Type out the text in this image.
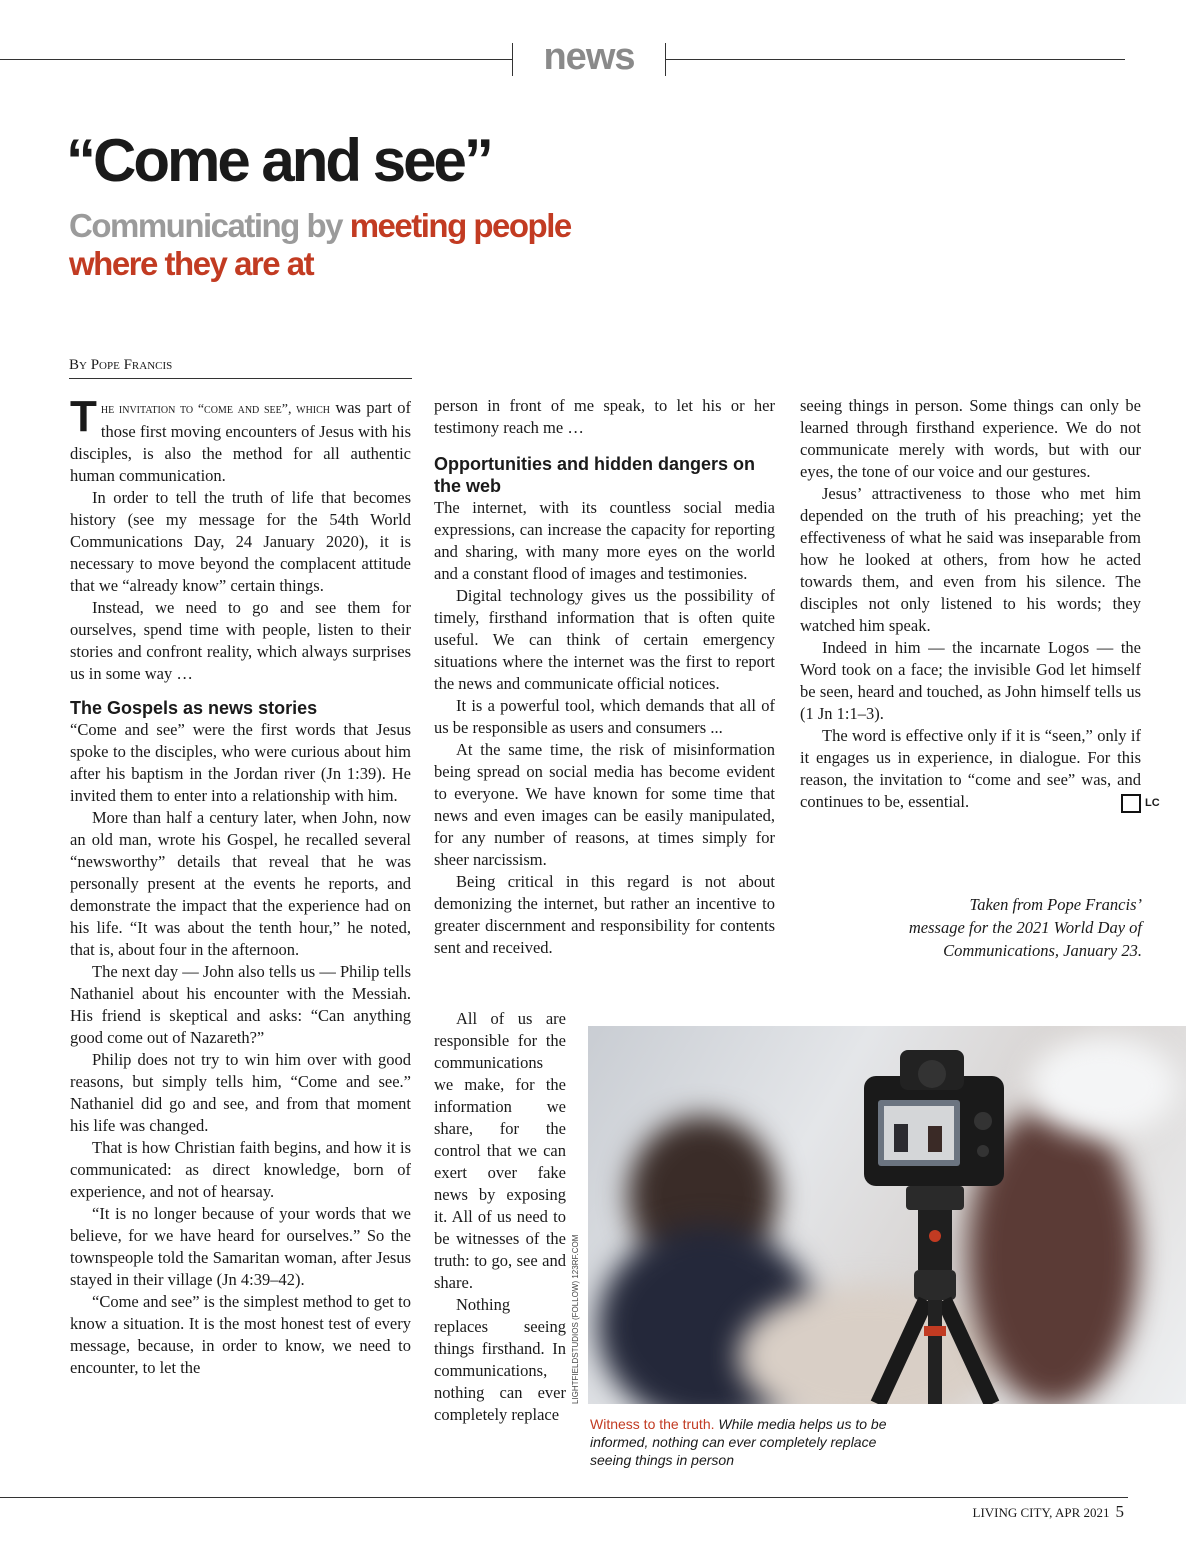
news
“Come and see”
Communicating by meeting people where they are at
By Pope Francis

The invitation to “come and see”, which was part of those first moving encounters of Jesus with his disciples, is also the method for all authentic human communication.

In order to tell the truth of life that becomes history (see my message for the 54th World Communications Day, 24 January 2020), it is necessary to move beyond the complacent attitude that we “already know” certain things.

Instead, we need to go and see them for ourselves, spend time with people, listen to their stories and confront reality, which always surprises us in some way …

The Gospels as news stories

“Come and see” were the first words that Jesus spoke to the disciples, who were curious about him after his baptism in the Jordan river (Jn 1:39). He invited them to enter into a relationship with him.

More than half a century later, when John, now an old man, wrote his Gospel, he recalled several “newsworthy” details that reveal that he was personally present at the events he reports, and demonstrate the impact that the experience had on his life. “It was about the tenth hour,” he noted, that is, about four in the afternoon.

The next day — John also tells us — Philip tells Nathaniel about his encounter with the Messiah. His friend is skeptical and asks: “Can anything good come out of Nazareth?”

Philip does not try to win him over with good reasons, but simply tells him, “Come and see.” Nathaniel did go and see, and from that moment his life was changed.

That is how Christian faith begins, and how it is communicated: as direct knowledge, born of experience, and not of hearsay.

“It is no longer because of your words that we believe, for we have heard for ourselves.” So the townspeople told the Samaritan woman, after Jesus stayed in their village (Jn 4:39–42).

“Come and see” is the simplest method to get to know a situation. It is the most honest test of every message, because, in order to know, we need to encounter, to let the

person in front of me speak, to let his or her testimony reach me …

Opportunities and hidden dangers on the web

The internet, with its countless social media expressions, can increase the capacity for reporting and sharing, with many more eyes on the world and a constant flood of images and testimonies.

Digital technology gives us the possibility of timely, firsthand information that is often quite useful. We can think of certain emergency situations where the internet was the first to report the news and communicate official notices.

It is a powerful tool, which demands that all of us be responsible as users and consumers ...

At the same time, the risk of misinformation being spread on social media has become evident to everyone. We have known for some time that news and even images can be easily manipulated, for any number of reasons, at times simply for sheer narcissism.

Being critical in this regard is not about demonizing the internet, but rather an incentive to greater discernment and responsibility for contents sent and received.

All of us are responsible for the communications we make, for the information we share, for the control that we can exert over fake news by exposing it. All of us need to be witnesses of the truth: to go, see and share.

Nothing replaces seeing things firsthand. In communications, nothing can ever completely replace

seeing things in person. Some things can only be learned through firsthand experience. We do not communicate merely with words, but with our eyes, the tone of our voice and our gestures.

Jesus’ attractiveness to those who met him depended on the truth of his preaching; yet the effectiveness of what he said was inseparable from how he looked at others, from how he acted towards them, and even from his silence. The disciples not only listened to his words; they watched him speak.

Indeed in him — the incarnate Logos — the Word took on a face; the invisible God let himself be seen, heard and touched, as John himself tells us (1 Jn 1:1–3).

The word is effective only if it is “seen,” only if it engages us in experience, in dialogue. For this reason, the invitation to “come and see” was, and continues to be, essential.	LC

Taken from Pope Francis’
message for the 2021 World Day of
Communications, January 23.
LIGHTFIELDSTUDIOS (FOLLOW) 123RF.COM
Witness to the truth. While media helps us to be informed, nothing can ever completely replace seeing things in person
LIVING CITY, APR 2021 5
